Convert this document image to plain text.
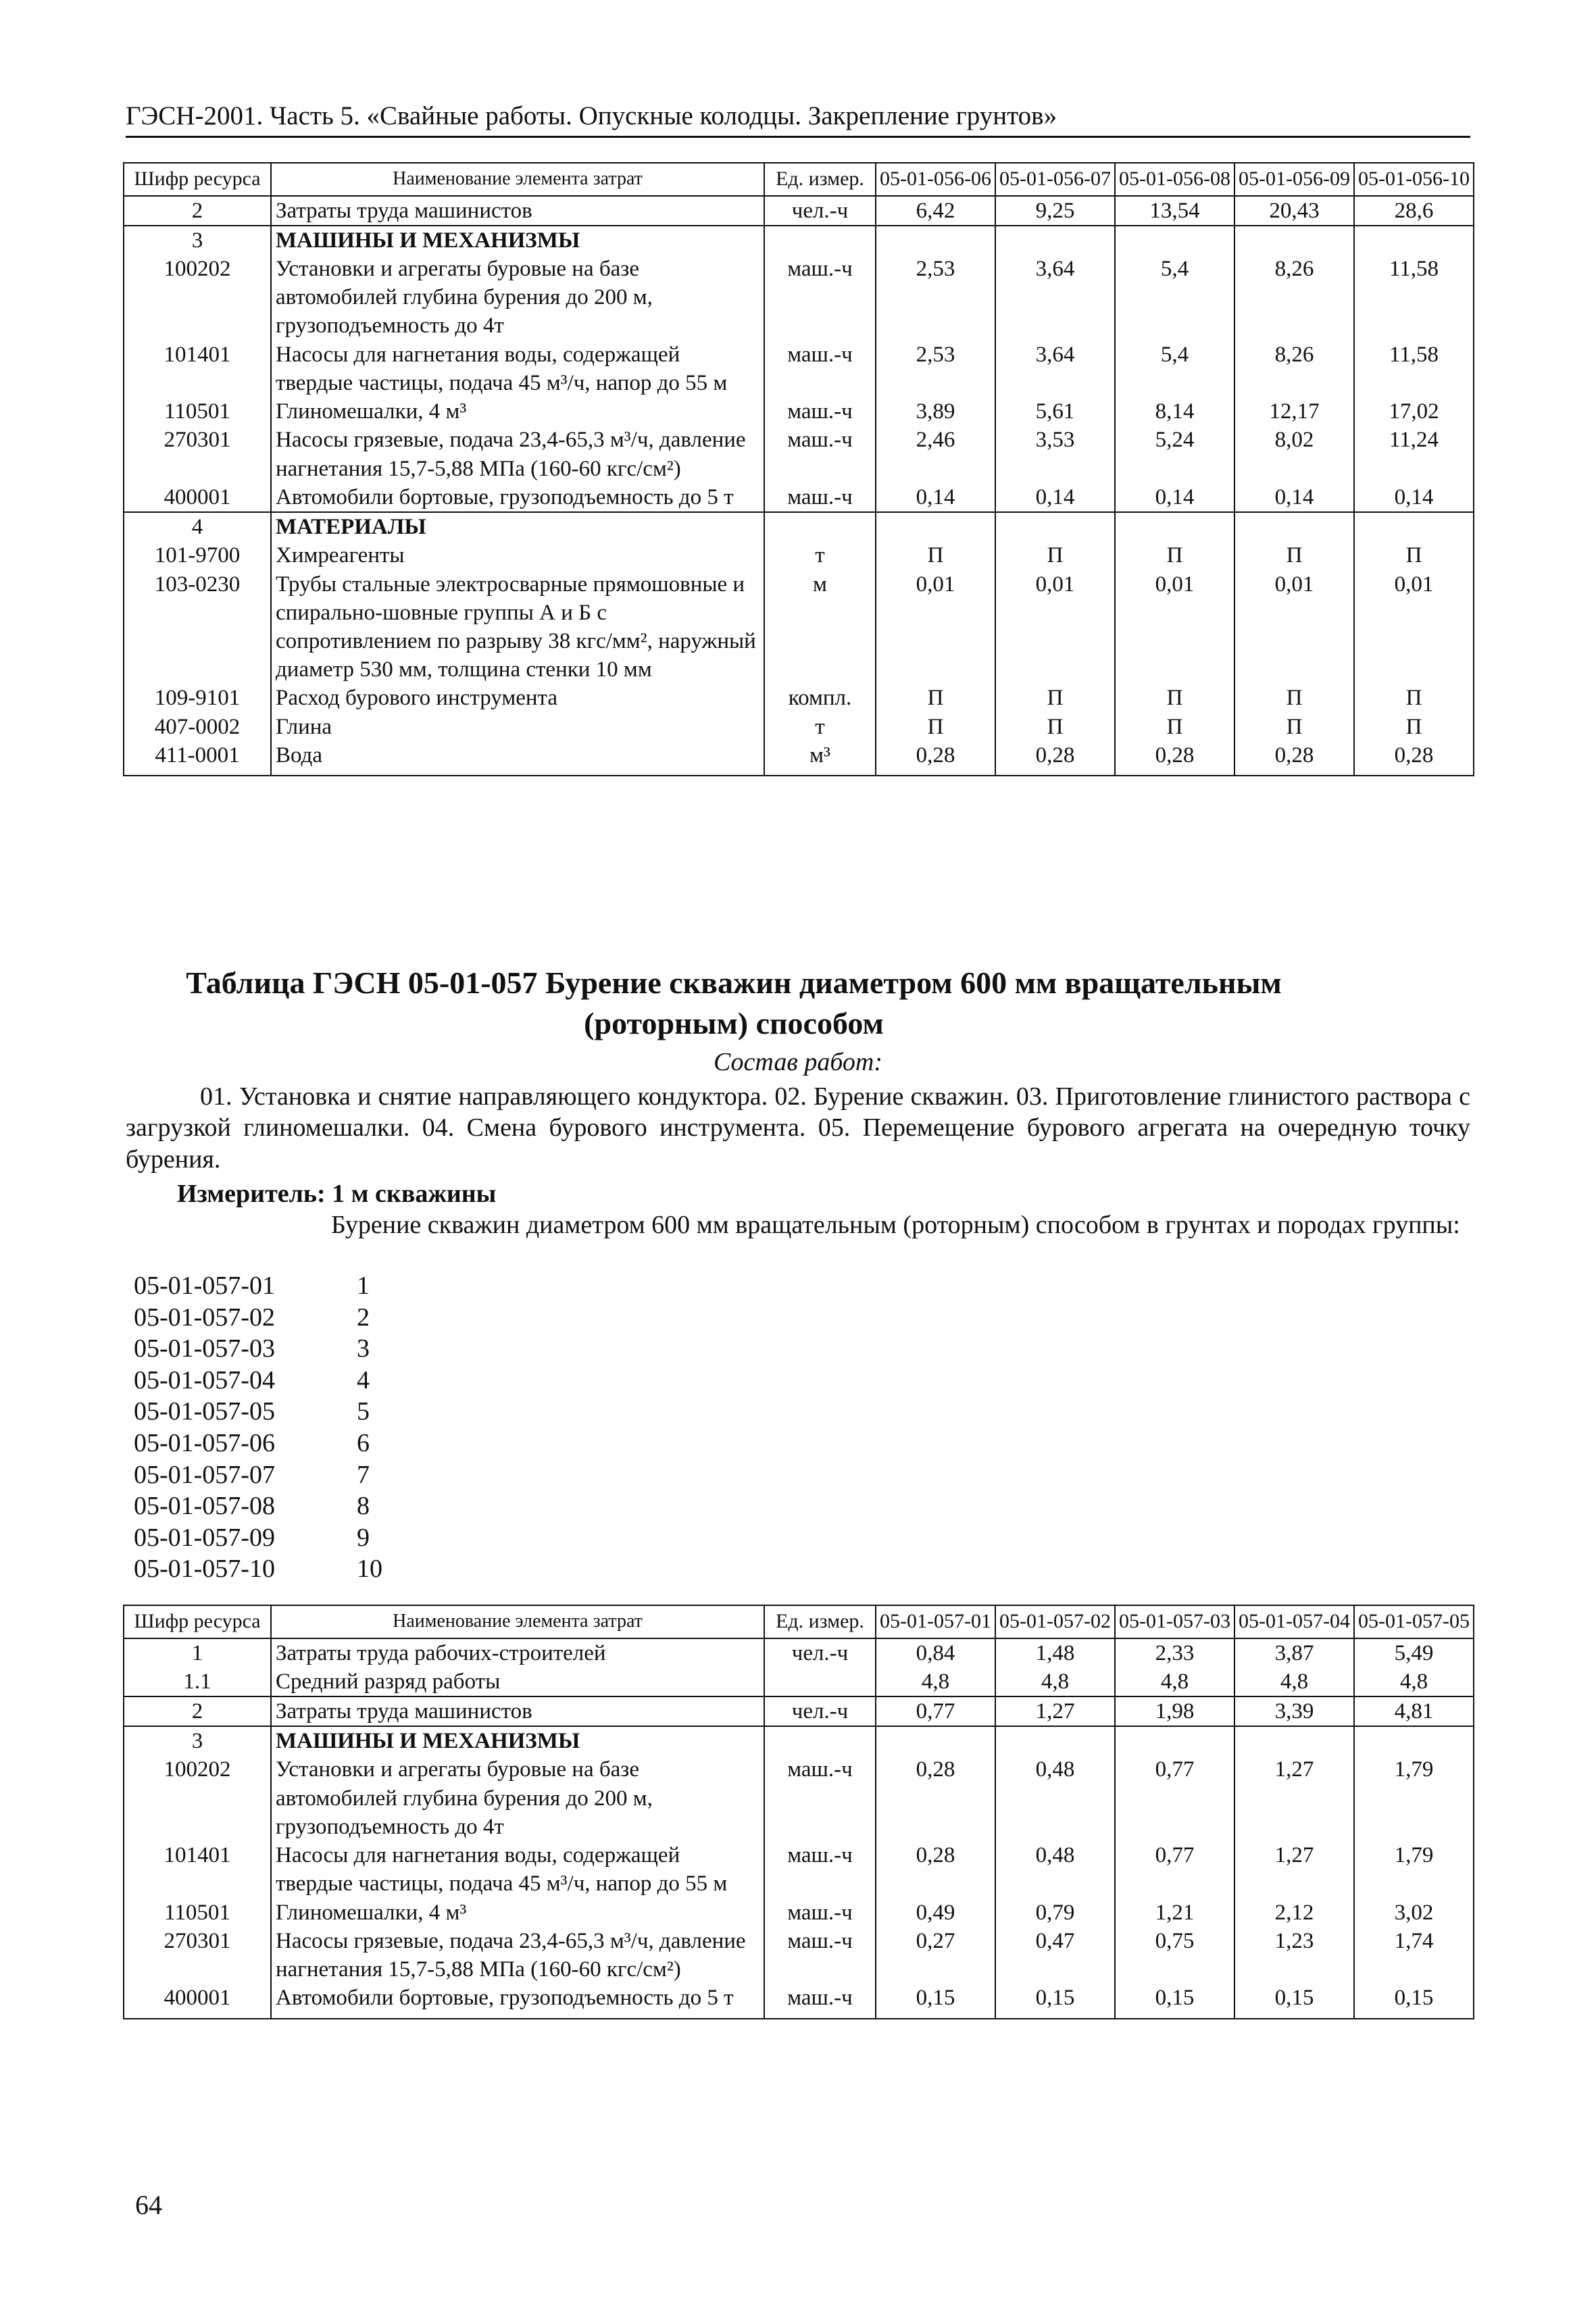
ГЭСН-2001. Часть 5. «Свайные работы. Опускные колодцы. Закрепление грунтов»
Шифр ресурса	Наименование элемента затрат	Ед. измер.	05-01-056-06	05-01-056-07	05-01-056-08	05-01-056-09	05-01-056-10
2	Затраты труда машинистов	чел.-ч	6,42	9,25	13,54	20,43	28,6
3	МАШИНЫ И МЕХАНИЗМЫ						
100202	Установки и агрегаты буровые на базе автомобилей глубина бурения до 200 м, грузоподъемность до 4т	маш.-ч	2,53	3,64	5,4	8,26	11,58
101401	Насосы для нагнетания воды, содержащей твердые частицы, подача 45 м³/ч, напор до 55 м	маш.-ч	2,53	3,64	5,4	8,26	11,58
110501	Глиномешалки, 4 м³	маш.-ч	3,89	5,61	8,14	12,17	17,02
270301	Насосы грязевые, подача 23,4-65,3 м³/ч, давление нагнетания 15,7-5,88 МПа (160-60 кгс/см²)	маш.-ч	2,46	3,53	5,24	8,02	11,24
400001	Автомобили бортовые, грузоподъемность до 5 т	маш.-ч	0,14	0,14	0,14	0,14	0,14
4	МАТЕРИАЛЫ						
101-9700	Химреагенты	т	П	П	П	П	П
103-0230	Трубы стальные электросварные прямошовные и спирально-шовные группы А и Б с сопротивлением по разрыву 38 кгс/мм², наружный диаметр 530 мм, толщина стенки 10 мм	м	0,01	0,01	0,01	0,01	0,01
109-9101	Расход бурового инструмента	компл.	П	П	П	П	П
407-0002	Глина	т	П	П	П	П	П
411-0001	Вода	м³	0,28	0,28	0,28	0,28	0,28
Таблица ГЭСН 05-01-057 Бурение скважин диаметром 600 мм вращательным (роторным) способом
Состав работ:
01. Установка и снятие направляющего кондуктора. 02. Бурение скважин. 03. Приготовление глинистого раствора с загрузкой глиномешалки. 04. Смена бурового инструмента. 05. Перемещение бурового агрегата на очередную точку бурения.
Измеритель: 1 м скважины
Бурение скважин диаметром 600 мм вращательным (роторным) способом в грунтах и породах группы:
05-01-057-01	1
05-01-057-02	2
05-01-057-03	3
05-01-057-04	4
05-01-057-05	5
05-01-057-06	6
05-01-057-07	7
05-01-057-08	8
05-01-057-09	9
05-01-057-10	10
Шифр ресурса	Наименование элемента затрат	Ед. измер.	05-01-057-01	05-01-057-02	05-01-057-03	05-01-057-04	05-01-057-05
1	Затраты труда рабочих-строителей	чел.-ч	0,84	1,48	2,33	3,87	5,49
1.1	Средний разряд работы		4,8	4,8	4,8	4,8	4,8
2	Затраты труда машинистов	чел.-ч	0,77	1,27	1,98	3,39	4,81
3	МАШИНЫ И МЕХАНИЗМЫ						
100202	Установки и агрегаты буровые на базе автомобилей глубина бурения до 200 м, грузоподъемность до 4т	маш.-ч	0,28	0,48	0,77	1,27	1,79
101401	Насосы для нагнетания воды, содержащей твердые частицы, подача 45 м³/ч, напор до 55 м	маш.-ч	0,28	0,48	0,77	1,27	1,79
110501	Глиномешалки, 4 м³	маш.-ч	0,49	0,79	1,21	2,12	3,02
270301	Насосы грязевые, подача 23,4-65,3 м³/ч, давление нагнетания 15,7-5,88 МПа (160-60 кгс/см²)	маш.-ч	0,27	0,47	0,75	1,23	1,74
400001	Автомобили бортовые, грузоподъемность до 5 т	маш.-ч	0,15	0,15	0,15	0,15	0,15
64
